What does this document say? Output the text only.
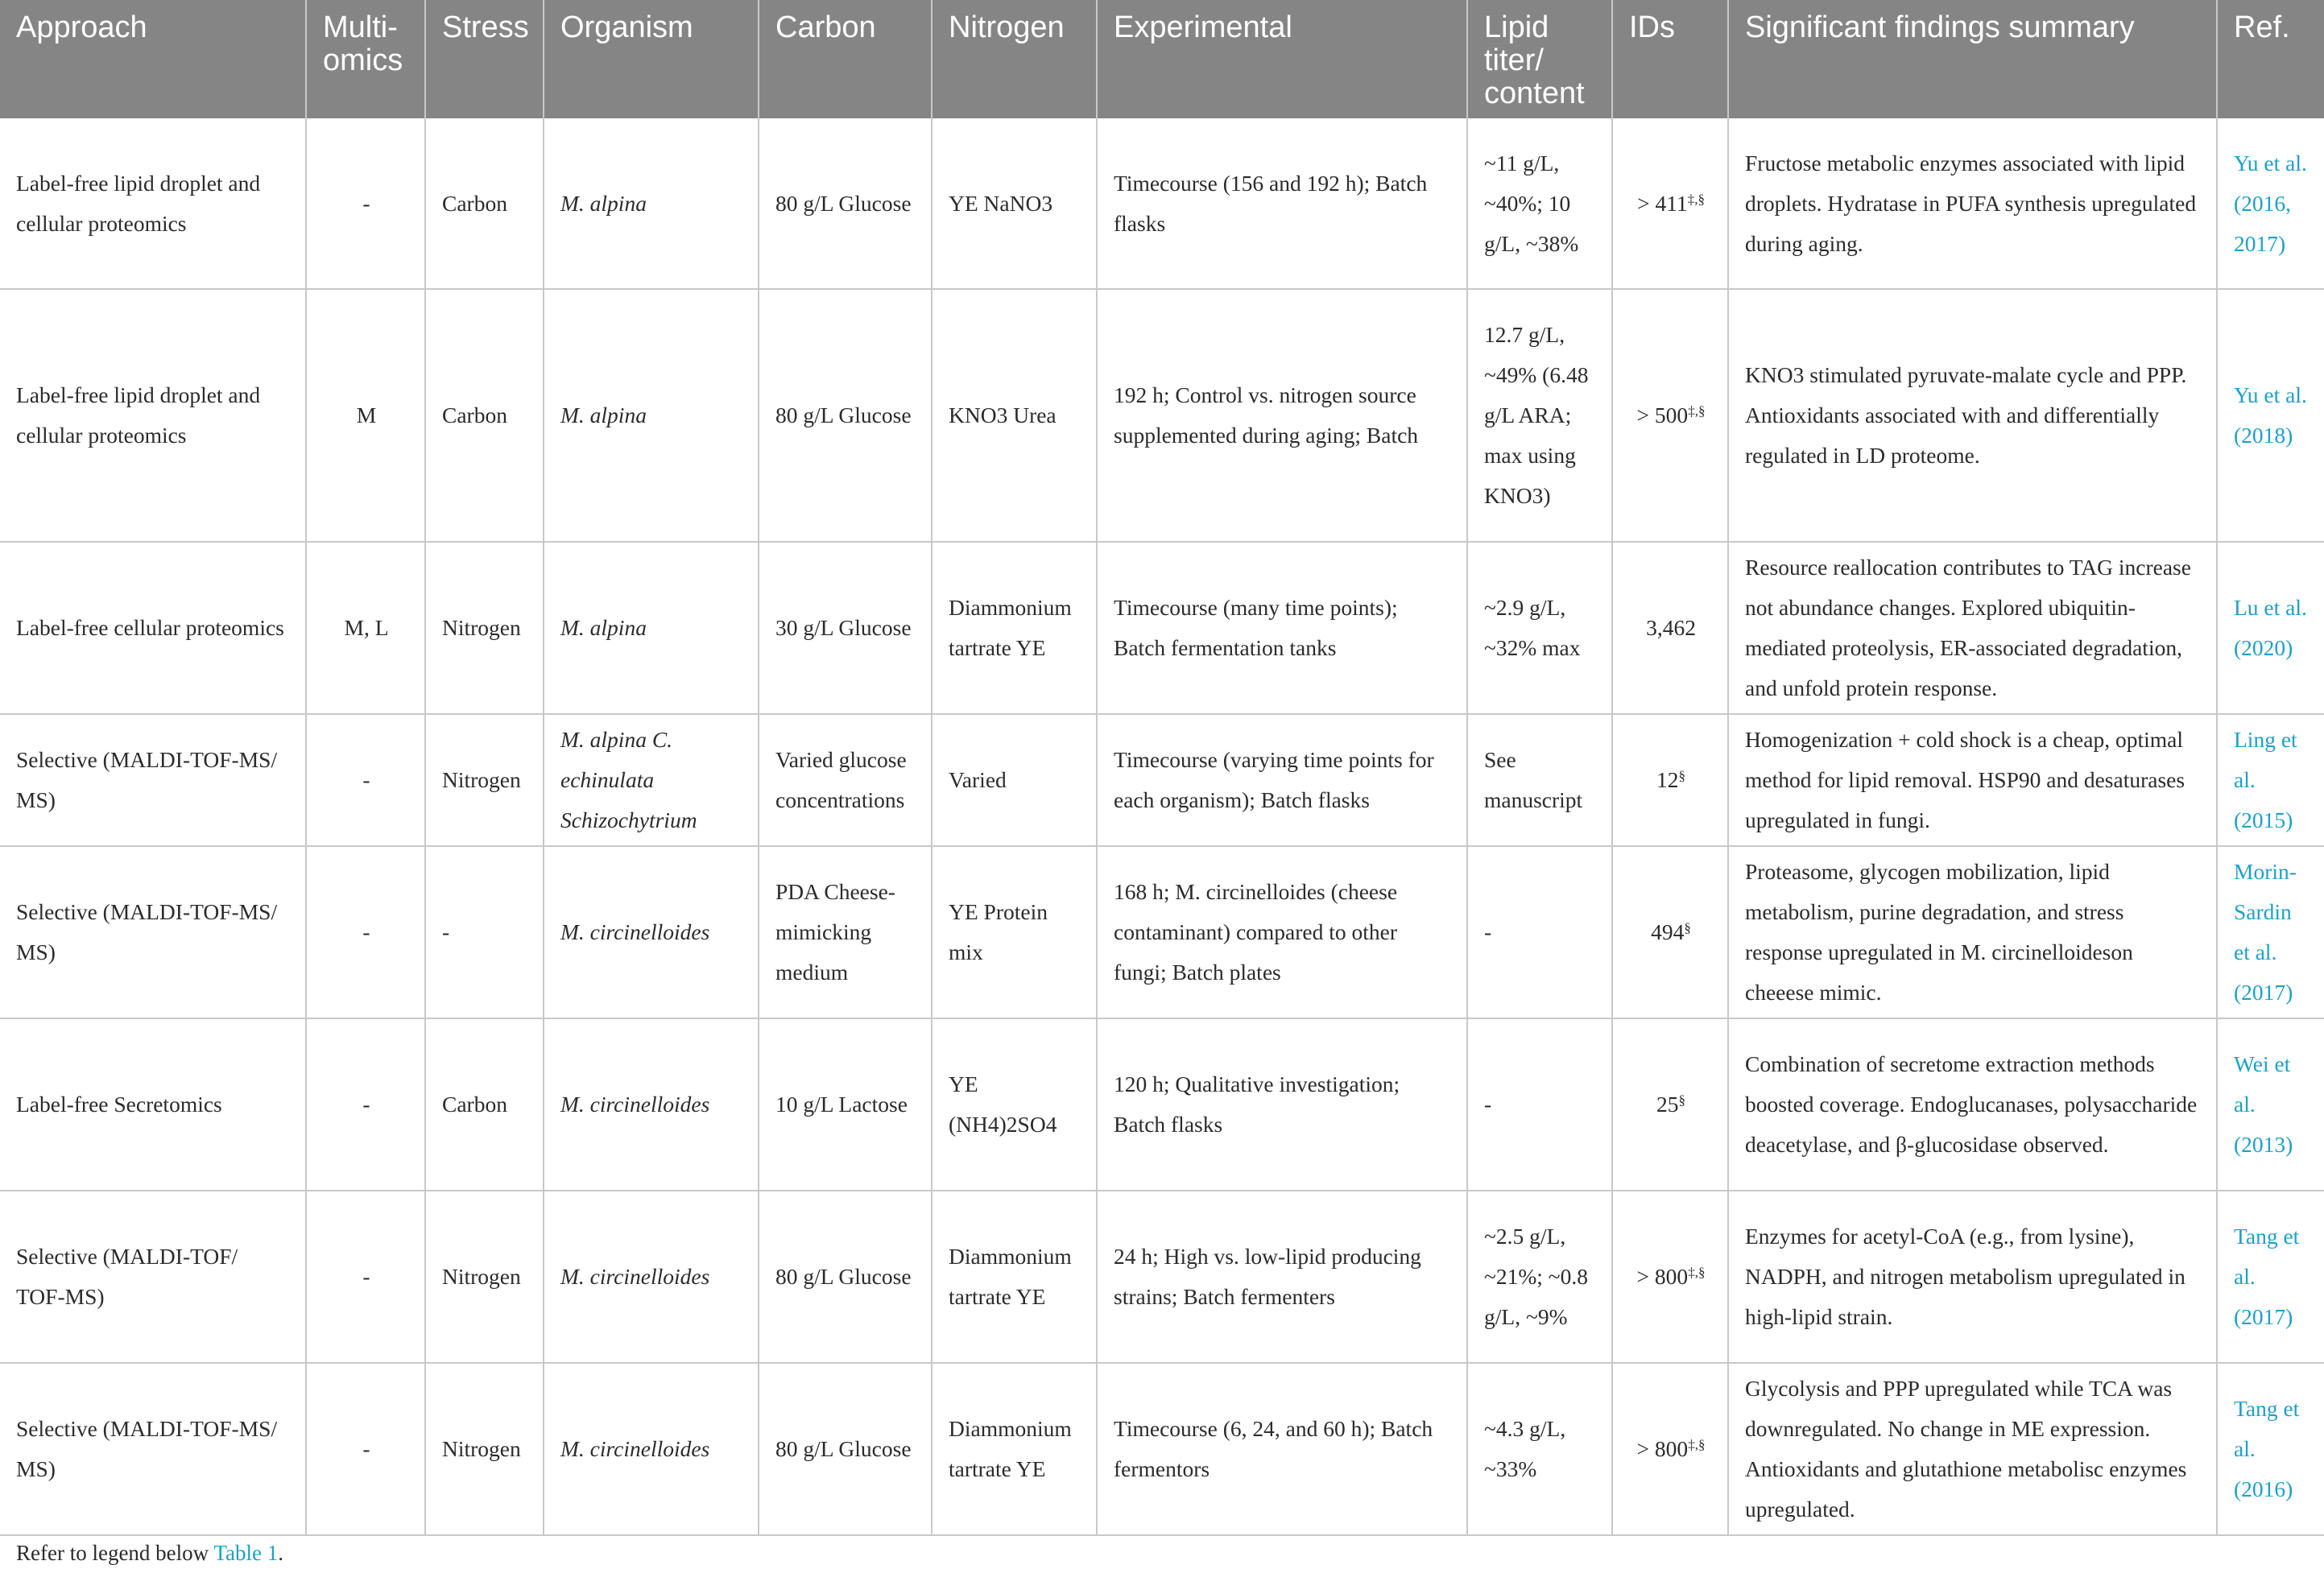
Approach	Multi-omics	Stress	Organism	Carbon	Nitrogen	Experimental	Lipid titer/ content	IDs	Significant findings summary	Ref.
Label-free lipid droplet and cellular proteomics	-	Carbon	M. alpina	80 g/L Glucose	YE NaNO3	Timecourse (156 and 192 h); Batch flasks	~11 g/L, ~40%; 10 g/L, ~38%	> 411‡,§	Fructose metabolic enzymes associated with lipid droplets. Hydratase in PUFA synthesis upregulated during aging.	Yu et al. (2016, 2017)
Label-free lipid droplet and cellular proteomics	M	Carbon	M. alpina	80 g/L Glucose	KNO3 Urea	192 h; Control vs. nitrogen source supplemented during aging; Batch	12.7 g/L, ~49% (6.48 g/L ARA; max using KNO3)	> 500‡,§	KNO3 stimulated pyruvate-malate cycle and PPP. Antioxidants associated with and differentially regulated in LD proteome.	Yu et al. (2018)
Label-free cellular proteomics	M, L	Nitrogen	M. alpina	30 g/L Glucose	Diammonium tartrate YE	Timecourse (many time points); Batch fermentation tanks	~2.9 g/L, ~32% max	3,462	Resource reallocation contributes to TAG increase not abundance changes. Explored ubiquitin-mediated proteolysis, ER-associated degradation, and unfold protein response.	Lu et al. (2020)
Selective (MALDI-TOF-MS/ MS)	-	Nitrogen	M. alpina C. echinulata Schizochytrium	Varied glucose concentrations	Varied	Timecourse (varying time points for each organism); Batch flasks	See manuscript	12§	Homogenization + cold shock is a cheap, optimal method for lipid removal. HSP90 and desaturases upregulated in fungi.	Ling et al. (2015)
Selective (MALDI-TOF-MS/ MS)	-	-	M. circinelloides	PDA Cheese-mimicking medium	YE Protein mix	168 h; M. circinelloides (cheese contaminant) compared to other fungi; Batch plates	-	494§	Proteasome, glycogen mobilization, lipid metabolism, purine degradation, and stress response upregulated in M. circinelloideson cheeese mimic.	Morin-Sardin et al. (2017)
Label-free Secretomics	-	Carbon	M. circinelloides	10 g/L Lactose	YE (NH4)2SO4	120 h; Qualitative investigation; Batch flasks	-	25§	Combination of secretome extraction methods boosted coverage. Endoglucanases, polysaccharide deacetylase, and β-glucosidase observed.	Wei et al. (2013)
Selective (MALDI-TOF/ TOF-MS)	-	Nitrogen	M. circinelloides	80 g/L Glucose	Diammonium tartrate YE	24 h; High vs. low-lipid producing strains; Batch fermenters	~2.5 g/L, ~21%; ~0.8 g/L, ~9%	> 800‡,§	Enzymes for acetyl-CoA (e.g., from lysine), NADPH, and nitrogen metabolism upregulated in high-lipid strain.	Tang et al. (2017)
Selective (MALDI-TOF-MS/ MS)	-	Nitrogen	M. circinelloides	80 g/L Glucose	Diammonium tartrate YE	Timecourse (6, 24, and 60 h); Batch fermentors	~4.3 g/L, ~33%	> 800‡,§	Glycolysis and PPP upregulated while TCA was downregulated. No change in ME expression. Antioxidants and glutathione metabolisc enzymes upregulated.	Tang et al. (2016)
Refer to legend below Table 1.
